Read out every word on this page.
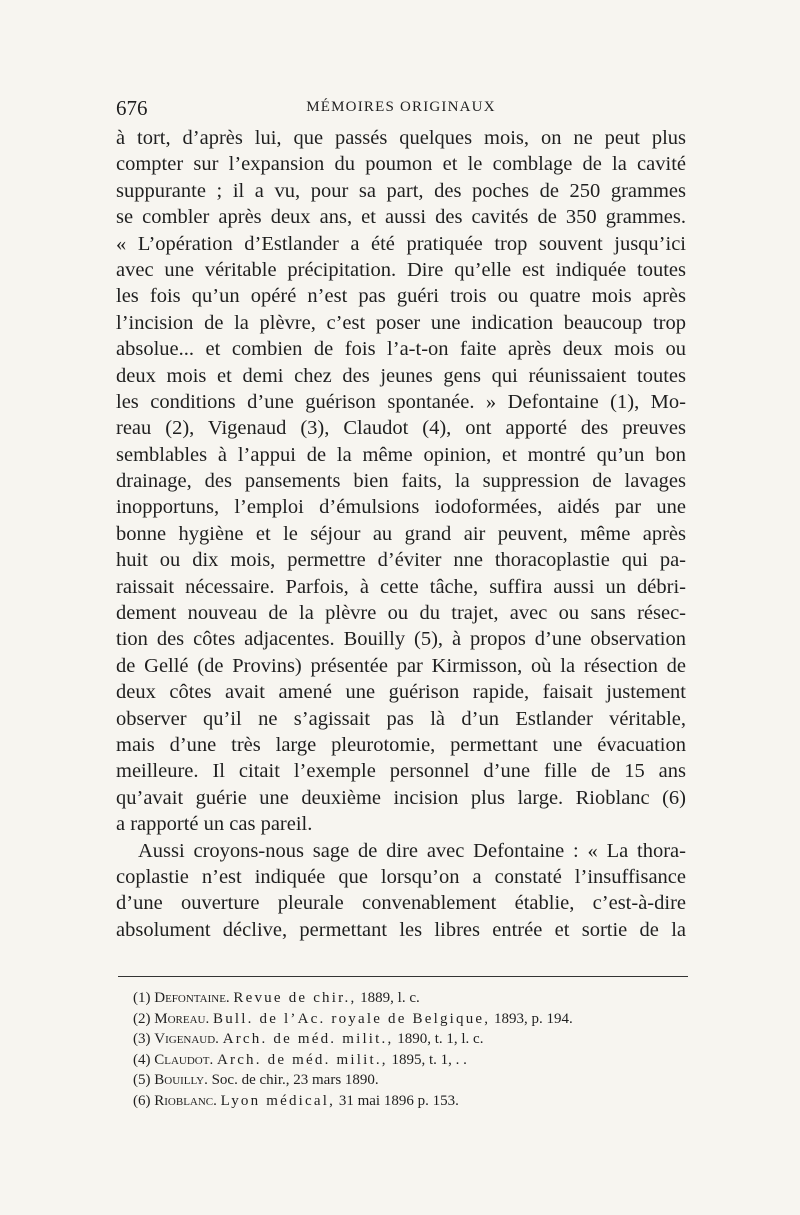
676	MÉMOIRES ORIGINAUX
à tort, d’après lui, que passés quelques mois, on ne peut plus
compter sur l’expansion du poumon et le comblage de la cavité
suppurante ; il a vu, pour sa part, des poches de 250 grammes
se combler après deux ans, et aussi des cavités de 350 grammes.
« L’opération d’Estlander a été pratiquée trop souvent jusqu’ici
avec une véritable précipitation. Dire qu’elle est indiquée toutes
les fois qu’un opéré n’est pas guéri trois ou quatre mois après
l’incision de la plèvre, c’est poser une indication beaucoup trop
absolue... et combien de fois l’a-t-on faite après deux mois ou
deux mois et demi chez des jeunes gens qui réunissaient toutes
les conditions d’une guérison spontanée. » Defontaine (1), Mo-
reau (2), Vigenaud (3), Claudot (4), ont apporté des preuves
semblables à l’appui de la même opinion, et montré qu’un bon
drainage, des pansements bien faits, la suppression de lavages
inopportuns, l’emploi d’émulsions iodoformées, aidés par une
bonne hygiène et le séjour au grand air peuvent, même après
huit ou dix mois, permettre d’éviter nne thoracoplastie qui pa-
raissait nécessaire. Parfois, à cette tâche, suffira aussi un débri-
dement nouveau de la plèvre ou du trajet, avec ou sans résec-
tion des côtes adjacentes. Bouilly (5), à propos d’une observation
de Gellé (de Provins) présentée par Kirmisson, où la résection de
deux côtes avait amené une guérison rapide, faisait justement
observer qu’il ne s’agissait pas là d’un Estlander véritable,
mais d’une très large pleurotomie, permettant une évacuation
meilleure. Il citait l’exemple personnel d’une fille de 15 ans
qu’avait guérie une deuxième incision plus large. Rioblanc (6)
a rapporté un cas pareil.
Aussi croyons-nous sage de dire avec Defontaine : « La thora-
coplastie n’est indiquée que lorsqu’on a constaté l’insuffisance
d’une ouverture pleurale convenablement établie, c’est-à-dire
absolument déclive, permettant les libres entrée et sortie de la
(1) Defontaine. Revue de chir., 1889, l. c.
(2) Moreau. Bull. de l’Ac. royale de Belgique, 1893, p. 194.
(3) Vigenaud. Arch. de méd. milit., 1890, t. 1, l. c.
(4) Claudot. Arch. de méd. milit., 1895, t. 1, . .
(5) Bouilly. Soc. de chir., 23 mars 1890.
(6) Rioblanc. Lyon médical, 31 mai 1896 p. 153.
